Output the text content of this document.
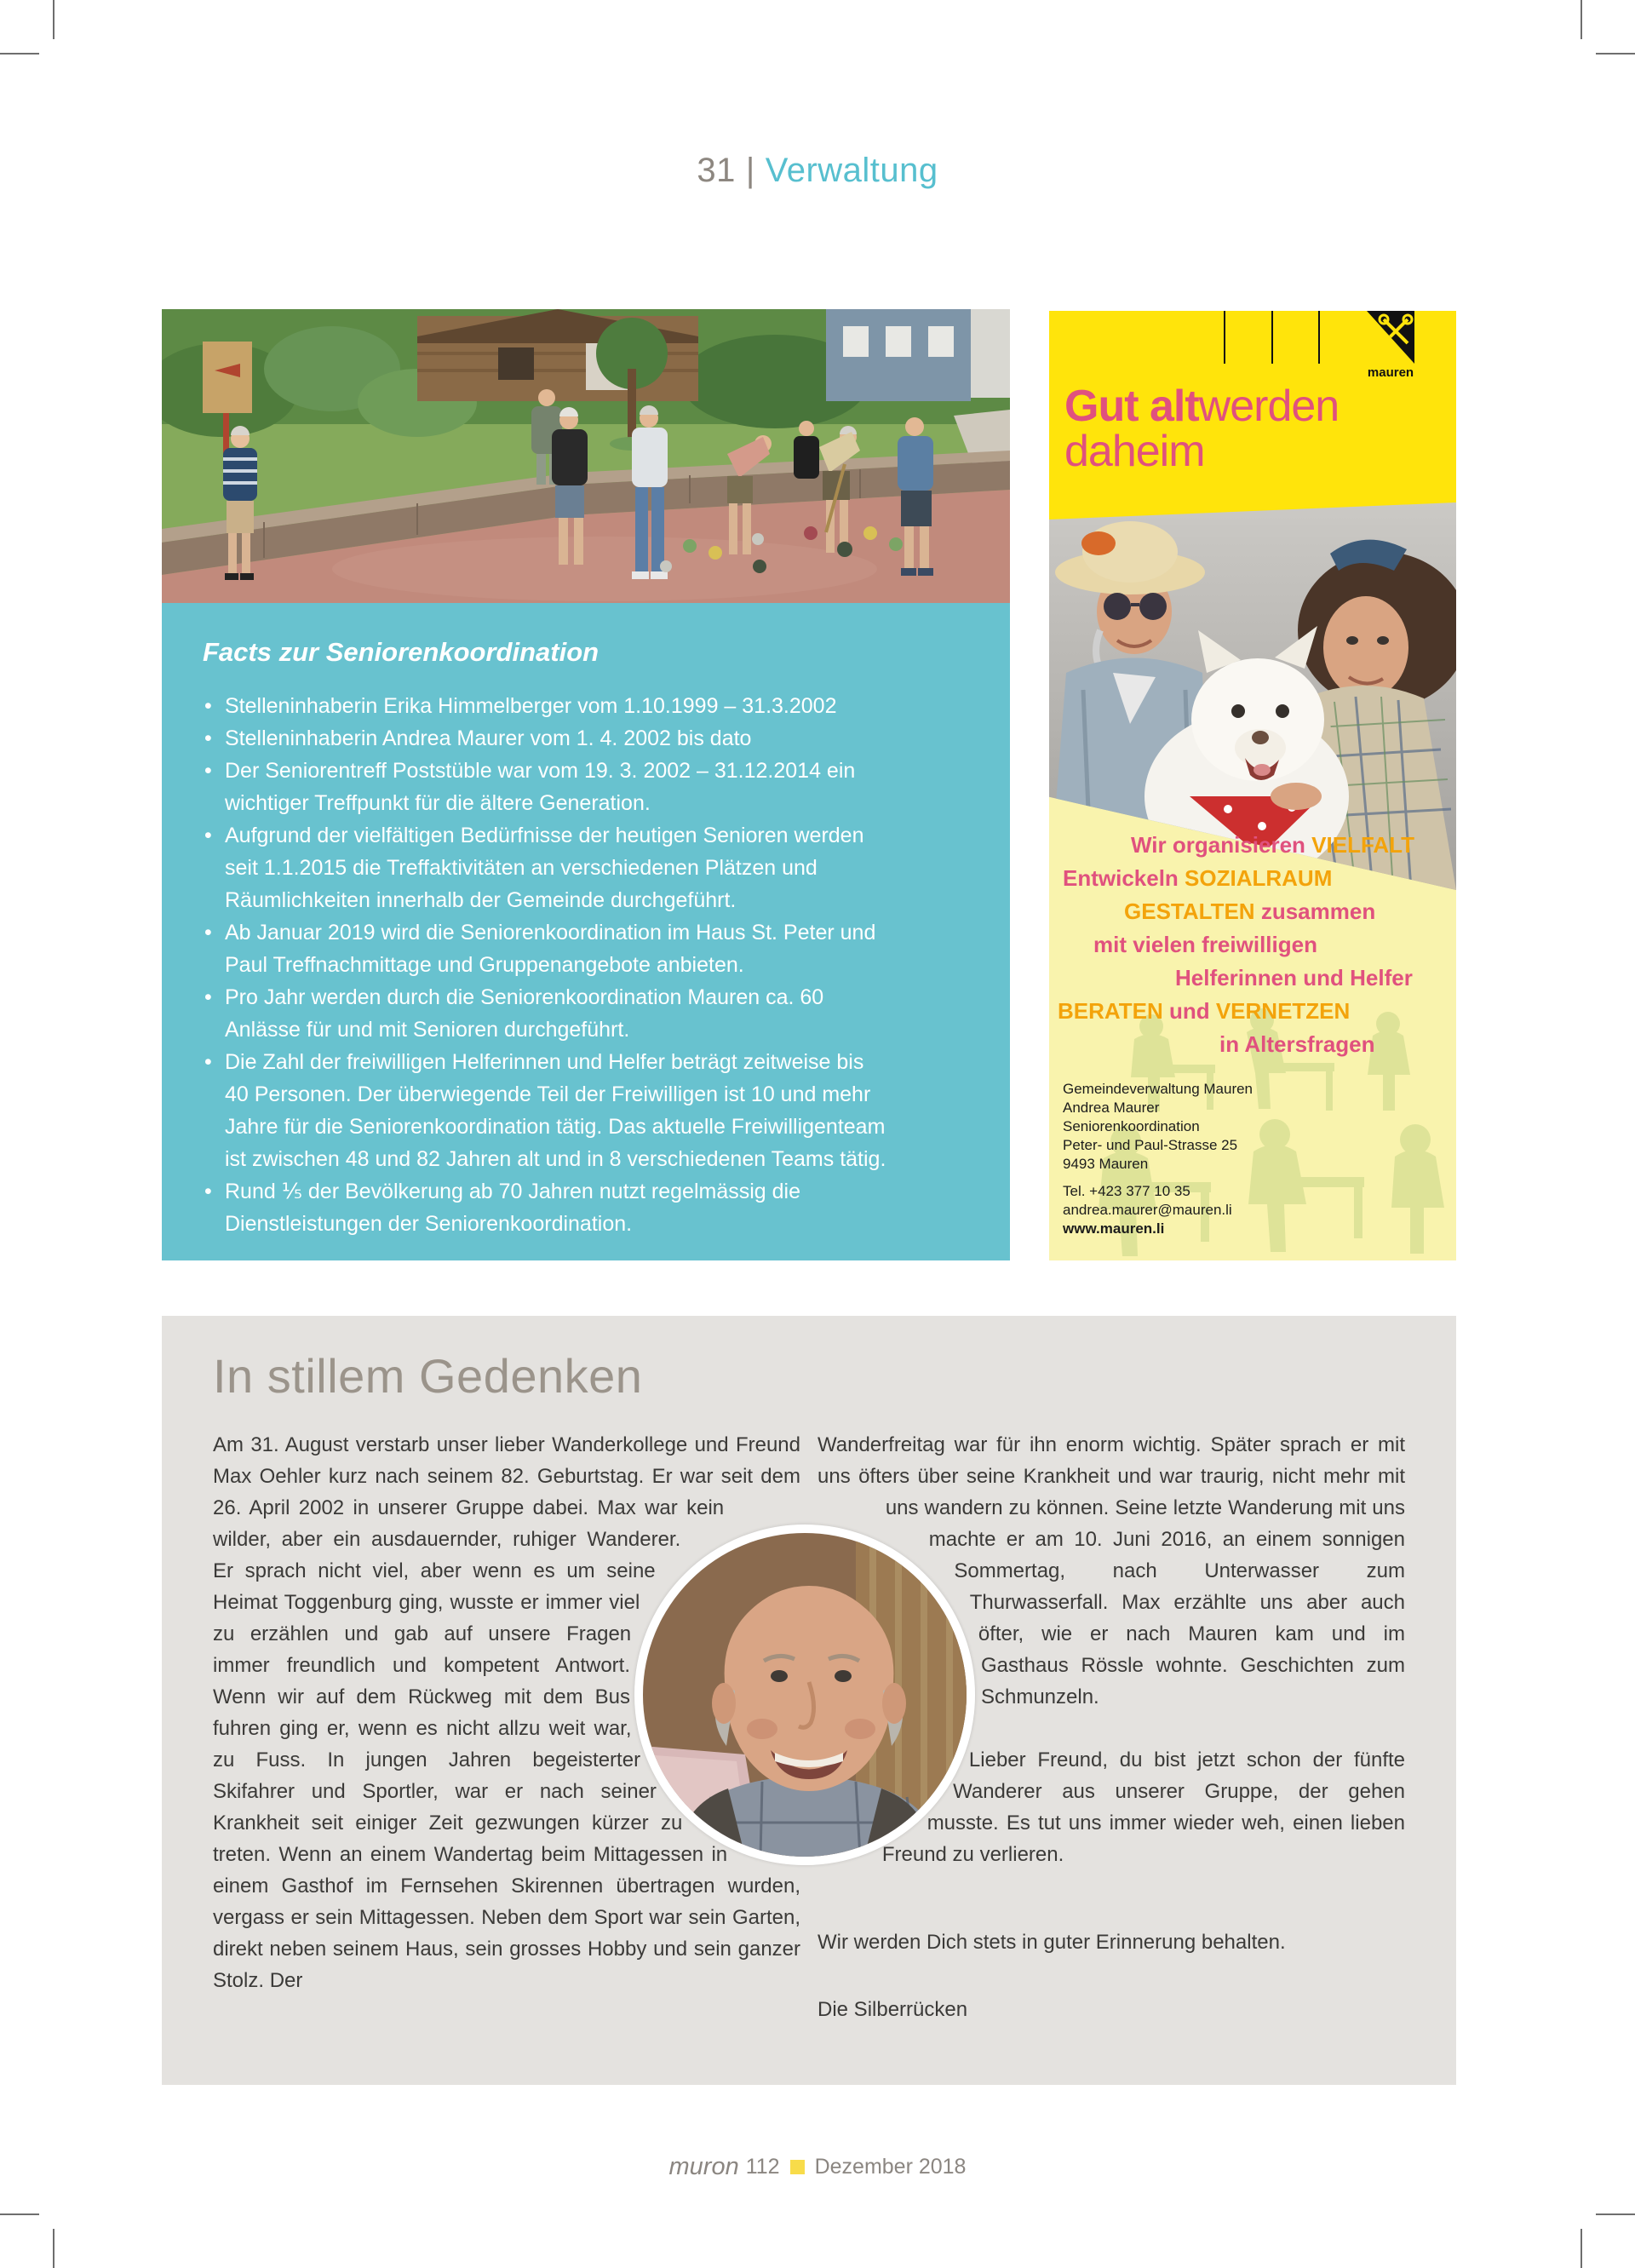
31 | Verwaltung
Facts zur Seniorenkoordination
• Stelleninhaberin Erika Himmelberger vom 1.10.1999 – 31.3.2002
• Stelleninhaberin Andrea Maurer vom 1. 4. 2002 bis dato
• Der Seniorentreff Poststüble war vom 19. 3. 2002 – 31.12.2014 ein wichtiger Treffpunkt für die ältere Generation.
• Aufgrund der vielfältigen Bedürfnisse der heutigen Senioren werden seit 1.1.2015 die Treffaktivitäten an verschiedenen Plätzen und Räumlichkeiten innerhalb der Gemeinde durchgeführt.
• Ab Januar 2019 wird die Seniorenkoordination im Haus St. Peter und Paul Treffnachmittage und Gruppenangebote anbieten.
• Pro Jahr werden durch die Seniorenkoordination Mauren ca. 60 Anlässe für und mit Senioren durchgeführt.
• Die Zahl der freiwilligen Helferinnen und Helfer beträgt zeitweise bis 40 Personen. Der überwiegende Teil der Freiwilligen ist 10 und mehr Jahre für die Seniorenkoordination tätig. Das aktuelle Freiwilligenteam ist zwischen 48 und 82 Jahren alt und in 8 verschiedenen Teams tätig.
• Rund ⅕ der Bevölkerung ab 70 Jahren nutzt regelmässig die Dienstleistungen der Seniorenkoordination.
mauren
Gut altwerden
daheim
Wir organisieren VIELFALT
Entwickeln SOZIALRAUM
GESTALTEN zusammen
mit vielen freiwilligen
Helferinnen und Helfer
BERATEN und VERNETZEN
in Altersfragen
Gemeindeverwaltung Mauren
Andrea Maurer
Seniorenkoordination
Peter- und Paul-Strasse 25
9493 Mauren
Tel. +423 377 10 35
andrea.maurer@mauren.li
www.mauren.li
In stillem Gedenken

Am 31. August verstarb unser lieber Wanderkollege und Freund Max Oehler kurz nach seinem 82. Geburtstag. Er war seit dem 26. April 2002 in unserer Gruppe dabei. Max war kein wilder, aber ein ausdauernder, ruhiger Wanderer. Er sprach nicht viel, aber wenn es um seine Heimat Toggenburg ging, wusste er immer viel zu erzählen und gab auf unsere Fragen immer freundlich und kompetent Antwort. Wenn wir auf dem Rückweg mit dem Bus fuhren ging er, wenn es nicht allzu weit war, zu Fuss. In jungen Jahren begeisterter Skifahrer und Sportler, war er nach seiner Krankheit seit einiger Zeit gezwungen kürzer zu treten. Wenn an einem Wandertag beim Mittagessen in einem Gasthof im Fernsehen Skirennen übertragen wurden, vergass er sein Mittagessen. Neben dem Sport war sein Garten, direkt neben seinem Haus, sein grosses Hobby und sein ganzer Stolz. Der

Wanderfreitag war für ihn enorm wichtig. Später sprach er mit uns öfters über seine Krankheit und war traurig, nicht mehr mit uns wandern zu können. Seine letzte Wanderung mit uns machte er am 10. Juni 2016, an einem sonnigen Sommertag, nach Unterwasser zum Thurwasserfall. Max erzählte uns aber auch öfter, wie er nach Mauren kam und im Gasthaus Rössle wohnte. Geschichten zum Schmunzeln.

Lieber Freund, du bist jetzt schon der fünfte Wanderer aus unserer Gruppe, der gehen musste. Es tut uns immer wieder weh, einen lieben Freund zu verlieren.

Wir werden Dich stets in guter Erinnerung behalten.

Die Silberrücken

muron 112 Dezember 2018
